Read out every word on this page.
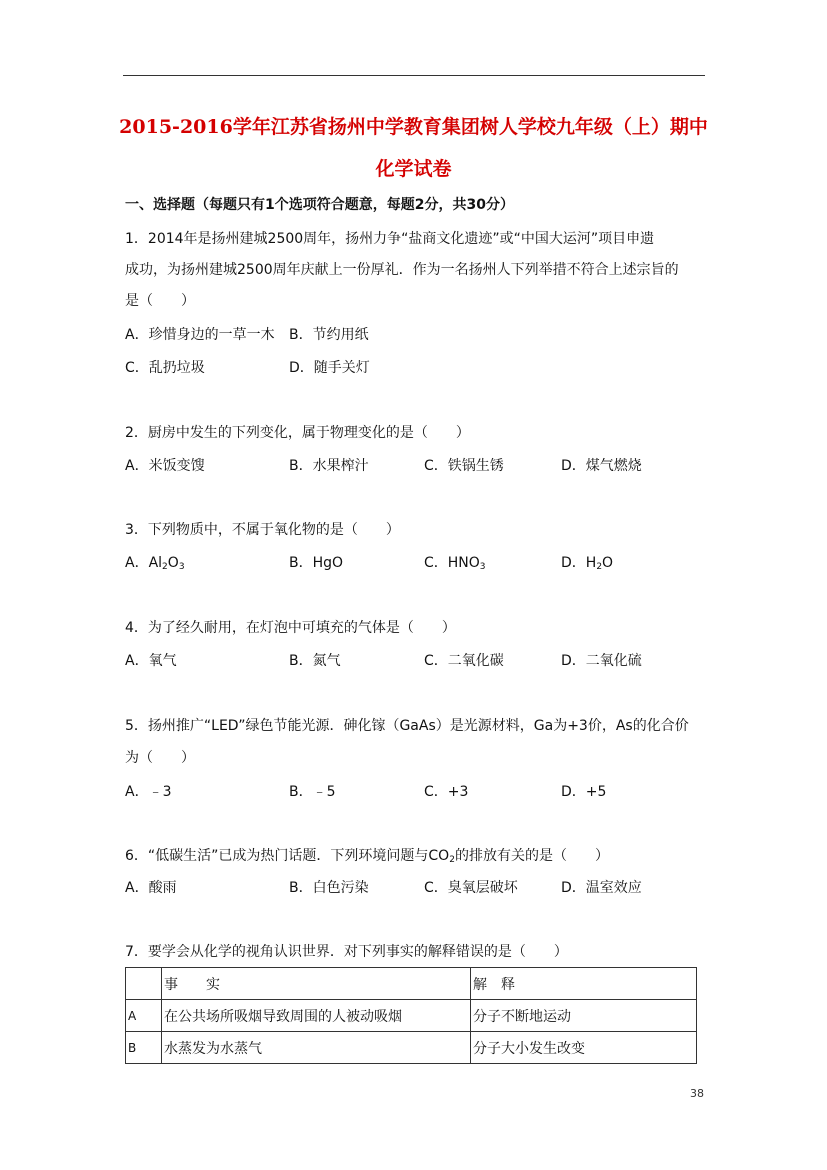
2015-2016学年江苏省扬州中学教育集团树人学校九年级（上）期中
化学试卷
一、选择题（每题只有1个选项符合题意，每题2分，共30分）
1．2014年是扬州建城2500周年，扬州力争“盐商文化遗迹”或“中国大运河”项目申遗
成功，为扬州建城2500周年庆献上一份厚礼．作为一名扬州人下列举措不符合上述宗旨的
是（　　）
A．珍惜身边的一草一木 B．节约用纸
C．乱扔垃圾	D．随手关灯
2．厨房中发生的下列变化，属于物理变化的是（　　）
A．米饭变馊	B．水果榨汁	C．铁锅生锈	D．煤气燃烧
3．下列物质中，不属于氧化物的是（　　）
A．$Al_2O_3$	B．HgO	C．$HNO_3$	D．$H_2O$
4．为了经久耐用，在灯泡中可填充的气体是（　　）
A．氧气	B．氮气	C．二氧化碳	D．二氧化硫
5．扬州推广“LED”绿色节能光源．砷化镓（GaAs）是光源材料，Ga为+3价，As的化合价
为（　　）
A．﹣3	B．﹣5	C．+3	D．+5
6．“低碳生活”已成为热门话题．下列环境问题与$CO_2$的排放有关的是（　　）
A．酸雨	B．白色污染	C．臭氧层破坏	D．温室效应
7．要学会从化学的视角认识世界．对下列事实的解释错误的是（　　）
	事　　实	解　释
A	在公共场所吸烟导致周围的人被动吸烟	分子不断地运动
B	水蒸发为水蒸气	分子大小发生改变
38
